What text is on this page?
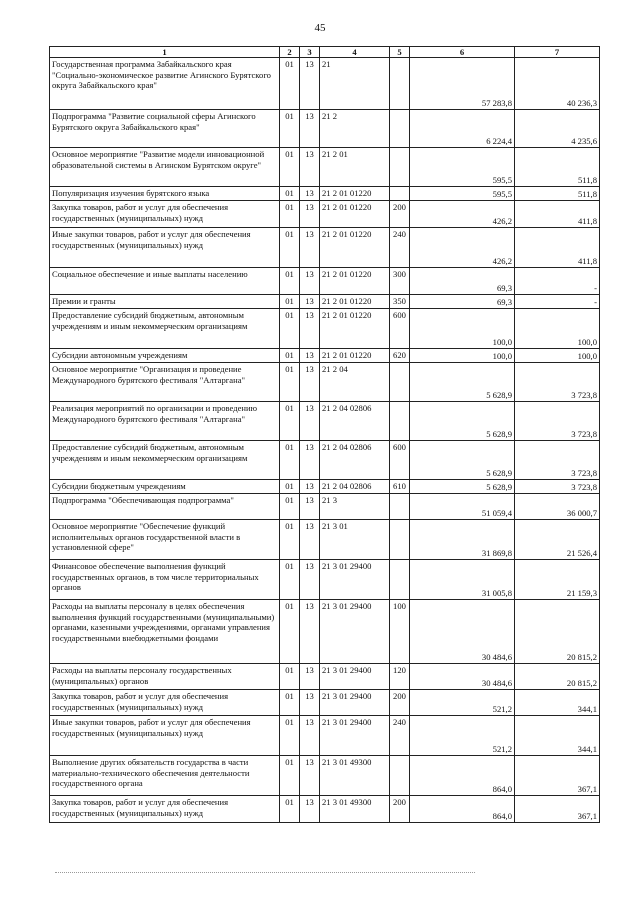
45
1	2	3	4	5	6	7
Государственная программа Забайкальского края "Социально-экономическое развитие Агинского Бурятского округа Забайкальского края"	01	13	21		57 283,8	40 236,3
Подпрограмма "Развитие социальной сферы Агинского Бурятского округа Забайкальского края"	01	13	21 2		6 224,4	4 235,6
Основное мероприятие "Развитие модели инновационной образовательной системы в Агинском Бурятском округе"	01	13	21 2 01		595,5	511,8
Популяризация изучения бурятского языка	01	13	21 2 01 01220		595,5	511,8
Закупка товаров, работ и услуг для обеспечения государственных (муниципальных) нужд	01	13	21 2 01 01220	200	426,2	411,8
Иные закупки товаров, работ и услуг для обеспечения государственных (муниципальных) нужд	01	13	21 2 01 01220	240	426,2	411,8
Социальное обеспечение и иные выплаты населению	01	13	21 2 01 01220	300	69,3	-
Премии и гранты	01	13	21 2 01 01220	350	69,3	-
Предоставление субсидий бюджетным, автономным учреждениям и иным некоммерческим организациям	01	13	21 2 01 01220	600	100,0	100,0
Субсидии автономным учреждениям	01	13	21 2 01 01220	620	100,0	100,0
Основное мероприятие "Организация и проведение Международного бурятского фестиваля "Алтаргана"	01	13	21 2 04		5 628,9	3 723,8
Реализация мероприятий по организации и проведению Международного бурятского фестиваля "Алтаргана"	01	13	21 2 04 02806		5 628,9	3 723,8
Предоставление субсидий бюджетным, автономным учреждениям и иным некоммерческим организациям	01	13	21 2 04 02806	600	5 628,9	3 723,8
Субсидии бюджетным учреждениям	01	13	21 2 04 02806	610	5 628,9	3 723,8
Подпрограмма "Обеспечивающая подпрограмма"	01	13	21 3		51 059,4	36 000,7
Основное мероприятие "Обеспечение функций исполнительных органов государственной власти в установленной сфере"	01	13	21 3 01		31 869,8	21 526,4
Финансовое обеспечение выполнения функций государственных органов, в том числе территориальных органов	01	13	21 3 01 29400		31 005,8	21 159,3
Расходы на выплаты персоналу в целях обеспечения выполнения функций государственными (муниципальными) органами, казенными учреждениями, органами управления государственными внебюджетными фондами	01	13	21 3 01 29400	100	30 484,6	20 815,2
Расходы на выплаты персоналу государственных (муниципальных) органов	01	13	21 3 01 29400	120	30 484,6	20 815,2
Закупка товаров, работ и услуг для обеспечения государственных (муниципальных) нужд	01	13	21 3 01 29400	200	521,2	344,1
Иные закупки товаров, работ и услуг для обеспечения государственных (муниципальных) нужд	01	13	21 3 01 29400	240	521,2	344,1
Выполнение других обязательств государства в части материально-технического обеспечения деятельности государственного органа	01	13	21 3 01 49300		864,0	367,1
Закупка товаров, работ и услуг для обеспечения государственных (муниципальных) нужд	01	13	21 3 01 49300	200	864,0	367,1
